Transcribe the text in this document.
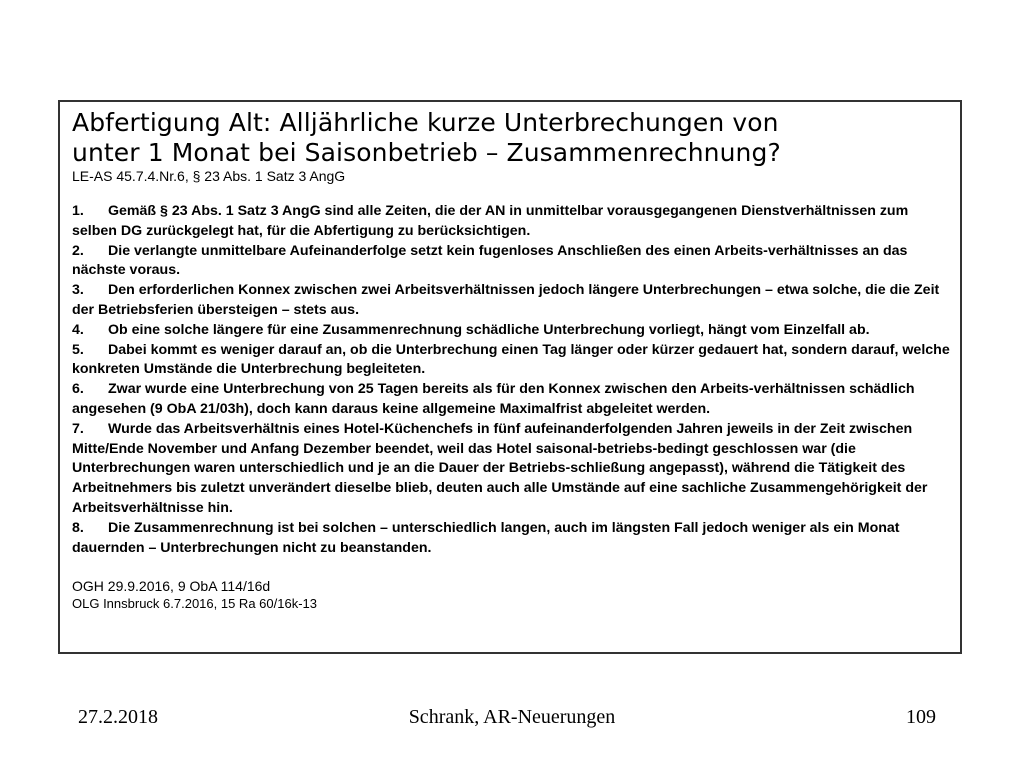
Abfertigung Alt: Alljährliche kurze Unterbrechungen von
unter 1 Monat bei Saisonbetrieb – Zusammenrechnung?

LE-AS 45.7.4.Nr.6, § 23 Abs. 1 Satz 3 AngG

1. Gemäß § 23 Abs. 1 Satz 3 AngG sind alle Zeiten, die der AN in unmittelbar vorausgegangenen Dienstverhältnissen zum selben DG zurückgelegt hat, für die Abfertigung zu berücksichtigen.

2. Die verlangte unmittelbare Aufeinanderfolge setzt kein fugenloses Anschließen des einen Arbeits-verhältnisses an das nächste voraus.

3. Den erforderlichen Konnex zwischen zwei Arbeitsverhältnissen jedoch längere Unterbrechungen – etwa solche, die die Zeit der Betriebsferien übersteigen – stets aus.

4. Ob eine solche längere für eine Zusammenrechnung schädliche Unterbrechung vorliegt, hängt vom Einzelfall ab.

5. Dabei kommt es weniger darauf an, ob die Unterbrechung einen Tag länger oder kürzer gedauert hat, sondern darauf, welche konkreten Umstände die Unterbrechung begleiteten.

6. Zwar wurde eine Unterbrechung von 25 Tagen bereits als für den Konnex zwischen den Arbeits-verhältnissen schädlich angesehen (9 ObA 21/03h), doch kann daraus keine allgemeine Maximalfrist abgeleitet werden.

7. Wurde das Arbeitsverhältnis eines Hotel-Küchenchefs in fünf aufeinanderfolgenden Jahren jeweils in der Zeit zwischen Mitte/Ende November und Anfang Dezember beendet, weil das Hotel saisonal-betriebs-bedingt geschlossen war (die Unterbrechungen waren unterschiedlich und je an die Dauer der Betriebs-schließung angepasst), während die Tätigkeit des Arbeitnehmers bis zuletzt unverändert dieselbe blieb, deuten auch alle Umstände auf eine sachliche Zusammengehörigkeit der Arbeitsverhältnisse hin.

8. Die Zusammenrechnung ist bei solchen – unterschiedlich langen, auch im längsten Fall jedoch weniger als ein Monat dauernden – Unterbrechungen nicht zu beanstanden.

OGH 29.9.2016, 9 ObA 114/16d

OLG Innsbruck 6.7.2016, 15 Ra 60/16k-13

27.2.2018	Schrank, AR-Neuerungen	109
